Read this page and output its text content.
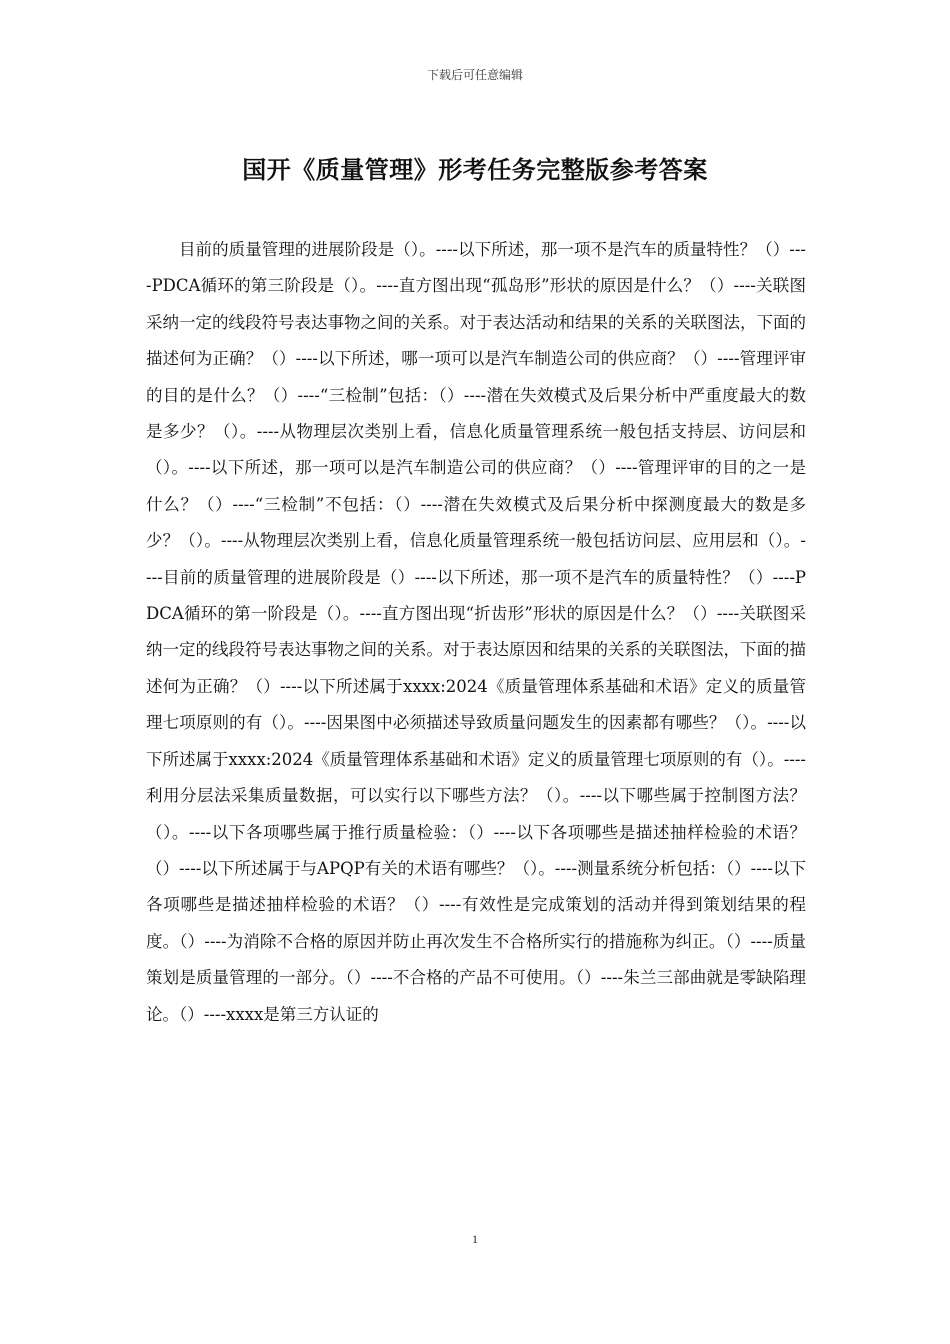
下载后可任意编辑
国开《质量管理》形考任务完整版参考答案

目前的质量管理的进展阶段是（）。----以下所述，那一项不是汽车的质量特性？（）----PDCA循环的第三阶段是（）。----直方图出现“孤岛形”形状的原因是什么？（）----关联图采纳一定的线段符号表达事物之间的关系。对于表达活动和结果的关系的关联图法，下面的描述何为正确？（）----以下所述，哪一项可以是汽车制造公司的供应商？（）----管理评审的目的是什么？（）----“三检制”包括：（）----潜在失效模式及后果分析中严重度最大的数是多少？（）。----从物理层次类别上看，信息化质量管理系统一般包括支持层、访问层和（）。----以下所述，那一项可以是汽车制造公司的供应商？（）----管理评审的目的之一是什么？（）----“三检制”不包括：（）----潜在失效模式及后果分析中探测度最大的数是多少？（）。----从物理层次类别上看，信息化质量管理系统一般包括访问层、应用层和（）。----目前的质量管理的进展阶段是（）----以下所述，那一项不是汽车的质量特性？（）----PDCA循环的第一阶段是（）。----直方图出现“折齿形”形状的原因是什么？（）----关联图采纳一定的线段符号表达事物之间的关系。对于表达原因和结果的关系的关联图法，下面的描述何为正确？（）----以下所述属于xxxx:2024《质量管理体系基础和术语》定义的质量管理七项原则的有（）。----因果图中必须描述导致质量问题发生的因素都有哪些？（）。----以下所述属于xxxx:2024《质量管理体系基础和术语》定义的质量管理七项原则的有（）。----利用分层法采集质量数据，可以实行以下哪些方法？（）。----以下哪些属于控制图方法？（）。----以下各项哪些属于推行质量检验：（）----以下各项哪些是描述抽样检验的术语？（）----以下所述属于与APQP有关的术语有哪些？（）。----测量系统分析包括：（）----以下各项哪些是描述抽样检验的术语？（）----有效性是完成策划的活动并得到策划结果的程度。（）----为消除不合格的原因并防止再次发生不合格所实行的措施称为纠正。（）----质量策划是质量管理的一部分。（）----不合格的产品不可使用。（）----朱兰三部曲就是零缺陷理论。（）----xxxx是第三方认证的

1
